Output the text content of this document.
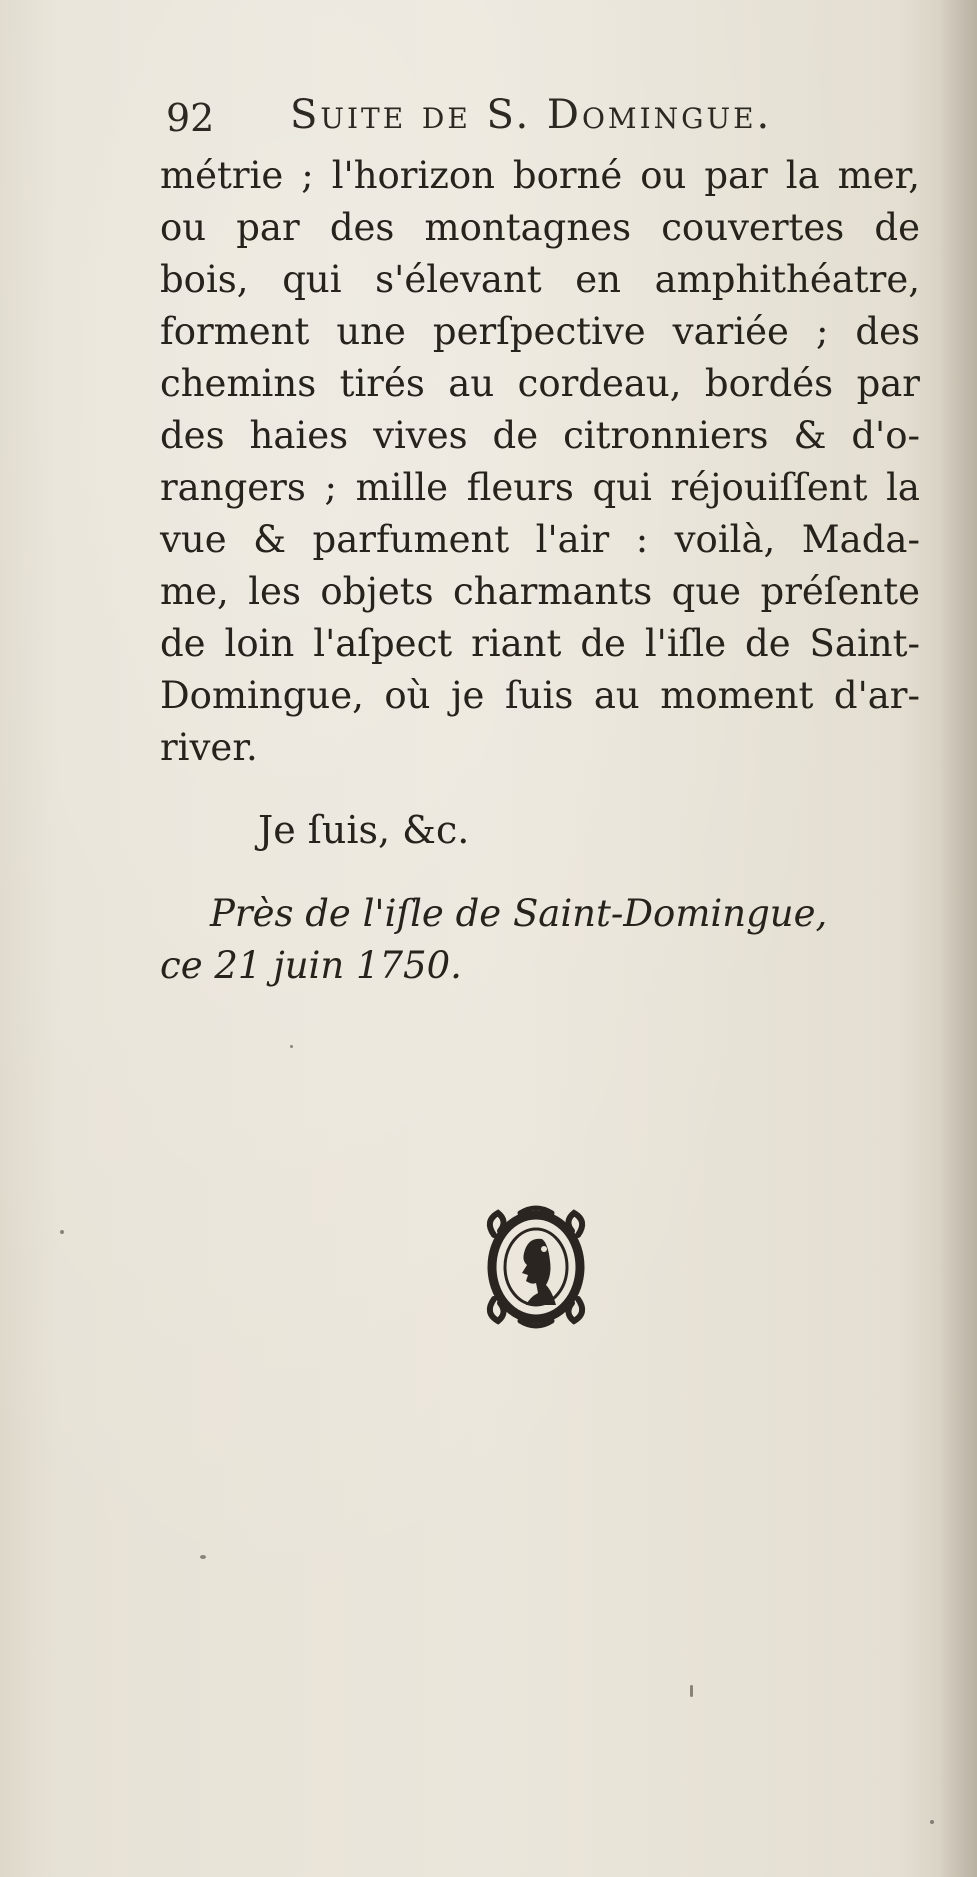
92 Suite de S. Domingue.
métrie ; l'horizon borné ou par la mer,
ou par des montagnes couvertes de
bois, qui s'élevant en amphithéatre,
forment une perſpective variée ; des
chemins tirés au cordeau, bordés par
des haies vives de citronniers & d'o-
rangers ; mille fleurs qui réjouiſſent la
vue & parfument l'air : voilà, Mada-
me, les objets charmants que préſente
de loin l'aſpect riant de l'iſle de Saint-
Domingue, où je ſuis au moment d'ar-
river.
Je ſuis, &c.
Près de l'iſle de Saint-Domingue,
ce 21 juin 1750.
